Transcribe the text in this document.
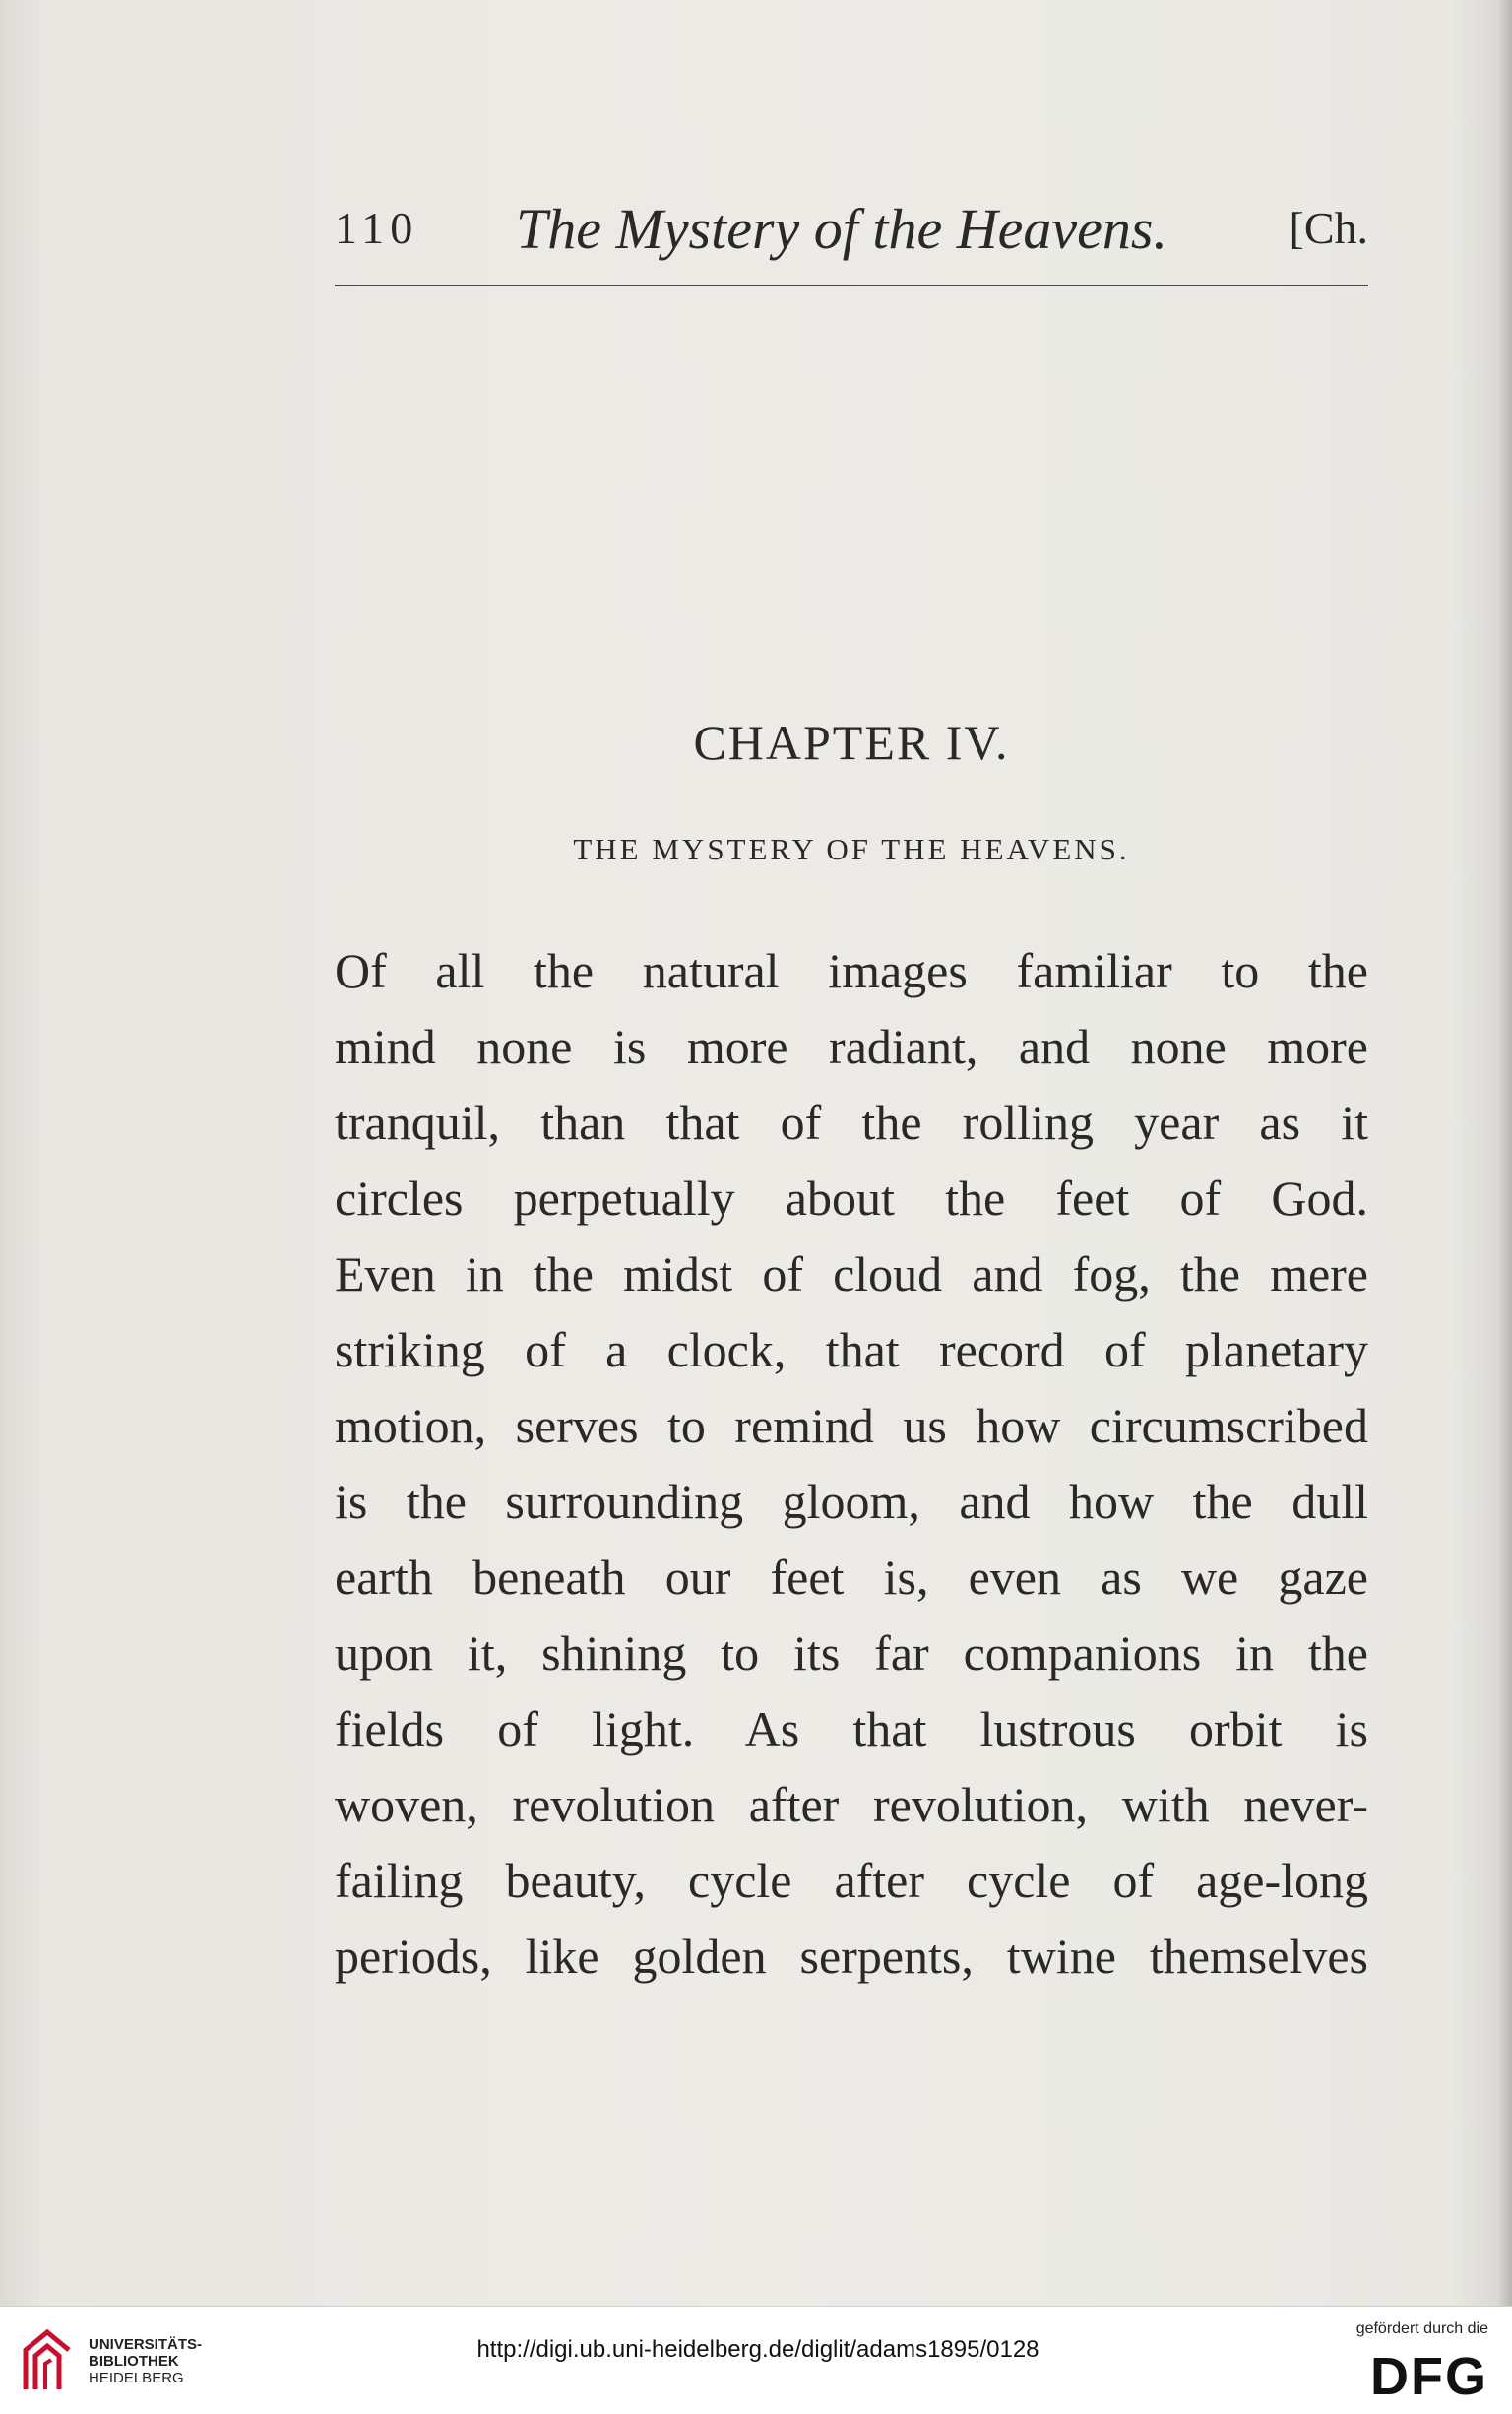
110 The Mystery of the Heavens.	[Ch.
CHAPTER IV.
THE MYSTERY OF THE HEAVENS.
Of all the natural images familiar to the
mind none is more radiant, and none more
tranquil, than that of the rolling year as it
circles perpetually about the feet of God.
Even in the midst of cloud and fog, the mere
striking of a clock, that record of planetary
motion, serves to remind us how circumscribed
is the surrounding gloom, and how the dull
earth beneath our feet is, even as we gaze
upon it, shining to its far companions in the
fields of light. As that lustrous orbit is
woven, revolution after revolution, with never-
failing beauty, cycle after cycle of age-long
periods, like golden serpents, twine themselves
UNIVERSITÄTS-
BIBLIOTHEK
HEIDELBERG
http://digi.ub.uni-heidelberg.de/diglit/adams1895/0128
gefördert durch die
DFG
